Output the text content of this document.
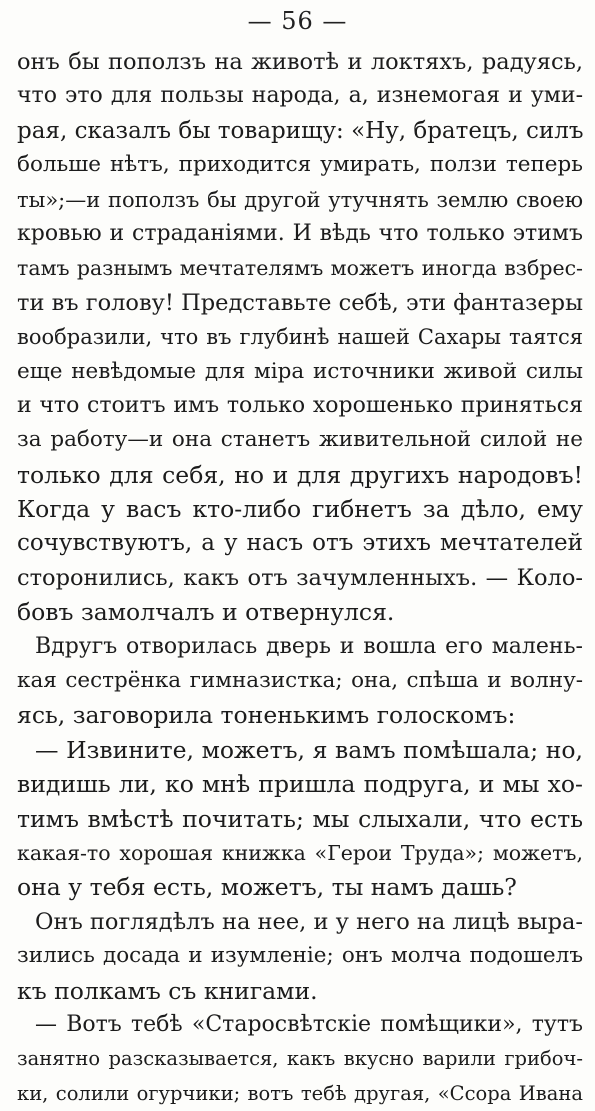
— 56 —
онъ бы поползъ на животѣ и локтяхъ, радуясь,
что это для пользы народа, а, изнемогая и уми-
рая, сказалъ бы товарищу: «Ну, братецъ, силъ
больше нѣтъ, приходится умирать, ползи теперь
ты»;—и поползъ бы другой утучнять землю своею
кровью и страданіями. И вѣдь что только этимъ
тамъ разнымъ мечтателямъ можетъ иногда взбрес-
ти въ голову! Представьте себѣ, эти фантазеры
вообразили, что въ глубинѣ нашей Сахары таятся
еще невѣдомые для міра источники живой силы
и что стоитъ имъ только хорошенько приняться
за работу—и она станетъ живительной силой не
только для себя, но и для другихъ народовъ!
Когда у васъ кто-либо гибнетъ за дѣло, ему
сочувствуютъ, а у насъ отъ этихъ мечтателей
сторонились, какъ отъ зачумленныхъ. — Коло-
бовъ замолчалъ и отвернулся.
Вдругъ отворилась дверь и вошла его малень-
кая сестрёнка гимназистка; она, спѣша и волну-
ясь, заговорила тоненькимъ голоскомъ:
— Извините, можетъ, я вамъ помѣшала; но,
видишь ли, ко мнѣ пришла подруга, и мы хо-
тимъ вмѣстѣ почитать; мы слыхали, что есть
какая-то хорошая книжка «Герои Труда»; можетъ,
она у тебя есть, можетъ, ты намъ дашь?
Онъ поглядѣлъ на нее, и у него на лицѣ выра-
зились досада и изумленіе; онъ молча подошелъ
къ полкамъ съ книгами.
— Вотъ тебѣ «Старосвѣтскіе помѣщики», тутъ
занятно разсказывается, какъ вкусно варили грибоч-
ки, солили огурчики; вотъ тебѣ другая, «Ссора Ивана
